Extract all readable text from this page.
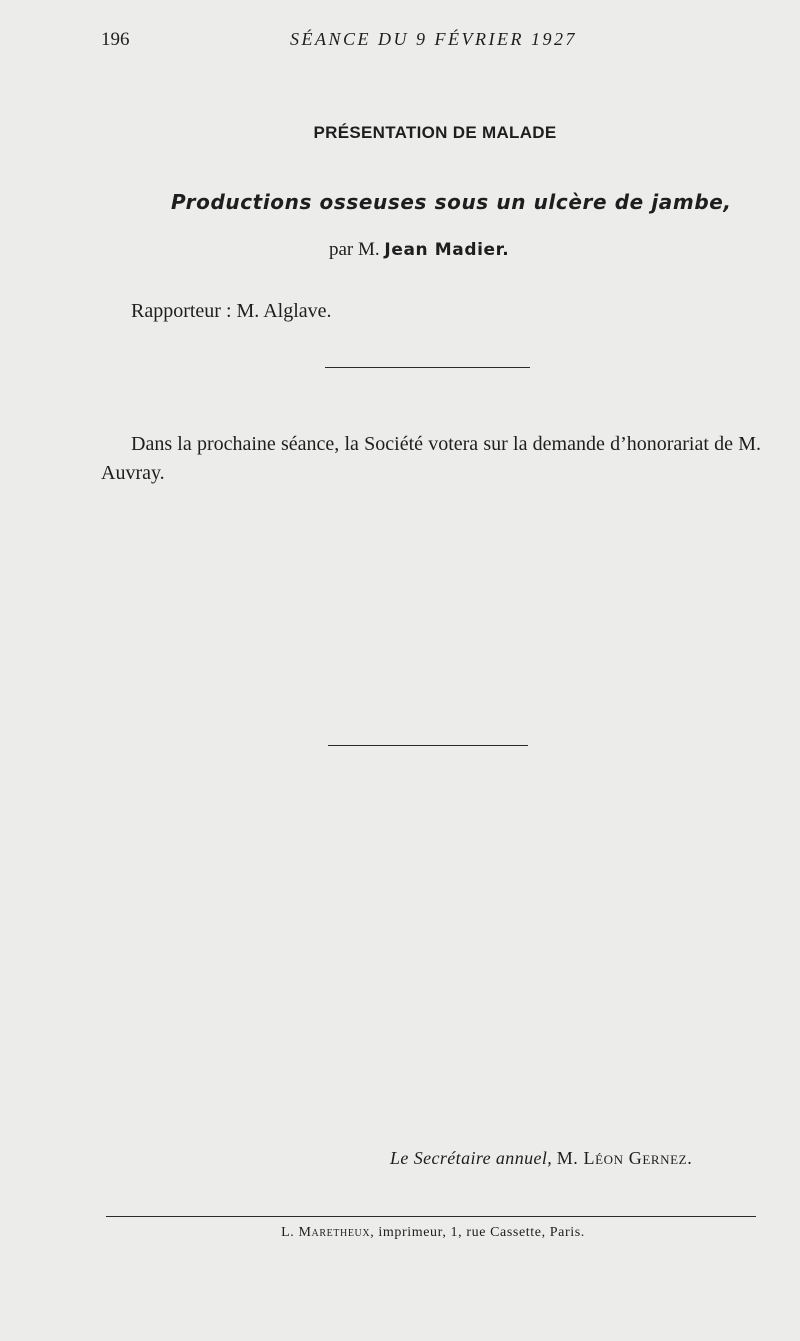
196	SÉANCE DU 9 FÉVRIER 1927
PRÉSENTATION DE MALADE
Productions osseuses sous un ulcère de jambe,
par M. Jean Madier.
Rapporteur : M. Alglave.
Dans la prochaine séance, la Société votera sur la demande d’honorariat de M. Auvray.
Le Secrétaire annuel, M. Léon Gernez.
L. Maretheux, imprimeur, 1, rue Cassette, Paris.
